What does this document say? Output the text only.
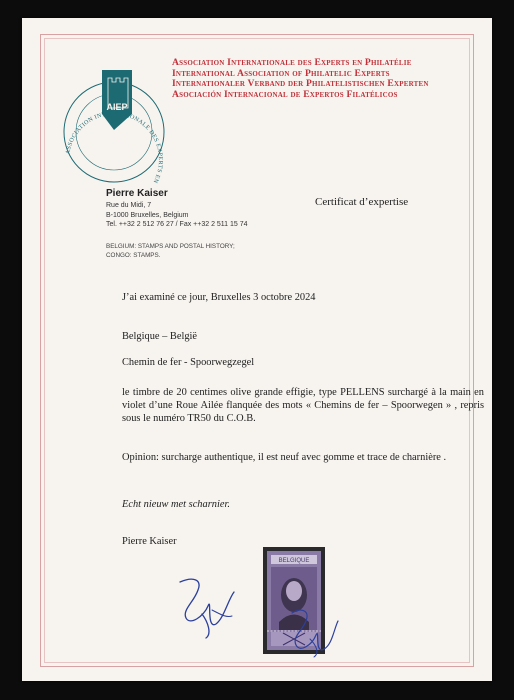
AIEP
ASSOCIATION INTERNATIONALE DES EXPERTS EN
Association Internationale des Experts en Philatélie
International Association of Philatelic Experts
Internationaler Verband der Philatelistischen Experten
Asociación Internacional de Expertos Filatélicos
Pierre Kaiser
Rue du Midi, 7
B-1000 Bruxelles, Belgium
Tel. ++32 2 512 76 27 / Fax ++32 2 511 15 74
BELGIUM: STAMPS AND POSTAL HISTORY;
CONGO: STAMPS.
Certificat d’expertise
J’ai examiné ce jour, Bruxelles 3 octobre 2024
Belgique – België
Chemin de fer - Spoorwegzegel
le timbre de 20 centimes olive grande effigie, type PELLENS surchargé à la main en violet d’une Roue Ailée flanquée des mots « Chemins de fer – Spoorwegen » , repris sous le numéro TR50 du C.O.B.
Opinion: surcharge authentique, il est neuf avec gomme et trace de charnière .
Echt nieuw met scharnier.
Pierre Kaiser
BELGIQUE
